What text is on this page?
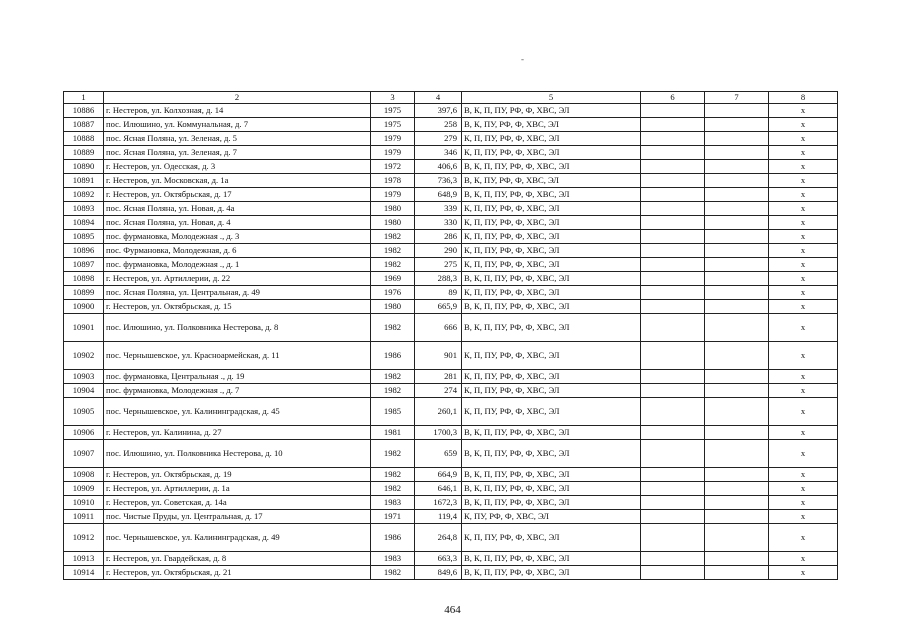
-
1	2	3	4	5	6	7	8
10886	г. Нестеров, ул. Колхозная, д. 14	1975	397,6	В, К, П, ПУ, РФ, Ф, ХВС, ЭЛ			х
10887	пос. Илюшино, ул. Коммунальная, д. 7	1975	258	В, К, ПУ, РФ, Ф, ХВС, ЭЛ			х
10888	пос. Ясная Поляна, ул. Зеленая, д. 5	1979	279	К, П, ПУ, РФ, Ф, ХВС, ЭЛ			х
10889	пос. Ясная Поляна, ул. Зеленая, д. 7	1979	346	К, П, ПУ, РФ, Ф, ХВС, ЭЛ			х
10890	г. Нестеров, ул. Одесская, д. 3	1972	406,6	В, К, П, ПУ, РФ, Ф, ХВС, ЭЛ			х
10891	г. Нестеров, ул. Московская, д. 1а	1978	736,3	В, К, ПУ, РФ, Ф, ХВС, ЭЛ			х
10892	г. Нестеров, ул. Октябрьская, д. 17	1979	648,9	В, К, П, ПУ, РФ, Ф, ХВС, ЭЛ			х
10893	пос. Ясная Поляна, ул. Новая, д. 4а	1980	339	К, П, ПУ, РФ, Ф, ХВС, ЭЛ			х
10894	пос. Ясная Поляна, ул. Новая, д. 4	1980	330	К, П, ПУ, РФ, Ф, ХВС, ЭЛ			х
10895	пос. фурмановка, Молодежная ., д. 3	1982	286	К, П, ПУ, РФ, Ф, ХВС, ЭЛ			х
10896	пос. Фурмановка, Молодежная, д. 6	1982	290	К, П, ПУ, РФ, Ф, ХВС, ЭЛ			х
10897	пос. фурмановка, Молодежная ., д. 1	1982	275	К, П, ПУ, РФ, Ф, ХВС, ЭЛ			х
10898	г. Нестеров, ул. Артиллерии, д. 22	1969	288,3	В, К, П, ПУ, РФ, Ф, ХВС, ЭЛ			х
10899	пос. Ясная Поляна, ул. Центральная, д. 49	1976	89	К, П, ПУ, РФ, Ф, ХВС, ЭЛ			х
10900	г. Нестеров, ул. Октябрьская, д. 15	1980	665,9	В, К, П, ПУ, РФ, Ф, ХВС, ЭЛ			х
10901	пос. Илюшино, ул. Полковника Нестерова, д. 8	1982	666	В, К, П, ПУ, РФ, Ф, ХВС, ЭЛ			х
10902	пос. Чернышевское, ул. Красноармейская, д. 11	1986	901	К, П, ПУ, РФ, Ф, ХВС, ЭЛ			х
10903	пос. фурмановка, Центральная ., д. 19	1982	281	К, П, ПУ, РФ, Ф, ХВС, ЭЛ			х
10904	пос. фурмановка, Молодежная ., д. 7	1982	274	К, П, ПУ, РФ, Ф, ХВС, ЭЛ			х
10905	пос. Чернышевское, ул. Калининградская, д. 45	1985	260,1	К, П, ПУ, РФ, Ф, ХВС, ЭЛ			х
10906	г. Нестеров, ул. Калинина, д. 27	1981	1700,3	В, К, П, ПУ, РФ, Ф, ХВС, ЭЛ			х
10907	пос. Илюшино, ул. Полковника Нестерова, д. 10	1982	659	В, К, П, ПУ, РФ, Ф, ХВС, ЭЛ			х
10908	г. Нестеров, ул. Октябрьская, д. 19	1982	664,9	В, К, П, ПУ, РФ, Ф, ХВС, ЭЛ			х
10909	г. Нестеров, ул. Артиллерии, д. 1а	1982	646,1	В, К, П, ПУ, РФ, Ф, ХВС, ЭЛ			х
10910	г. Нестеров, ул. Советская, д. 14а	1983	1672,3	В, К, П, ПУ, РФ, Ф, ХВС, ЭЛ			х
10911	пос. Чистые Пруды, ул. Центральная, д. 17	1971	119,4	К, ПУ, РФ, Ф, ХВС, ЭЛ			х
10912	пос. Чернышевское, ул. Калининградская, д. 49	1986	264,8	К, П, ПУ, РФ, Ф, ХВС, ЭЛ			х
10913	г. Нестеров, ул. Гвардейская, д. 8	1983	663,3	В, К, П, ПУ, РФ, Ф, ХВС, ЭЛ			х
10914	г. Нестеров, ул. Октябрьская, д. 21	1982	849,6	В, К, П, ПУ, РФ, Ф, ХВС, ЭЛ			х
464
